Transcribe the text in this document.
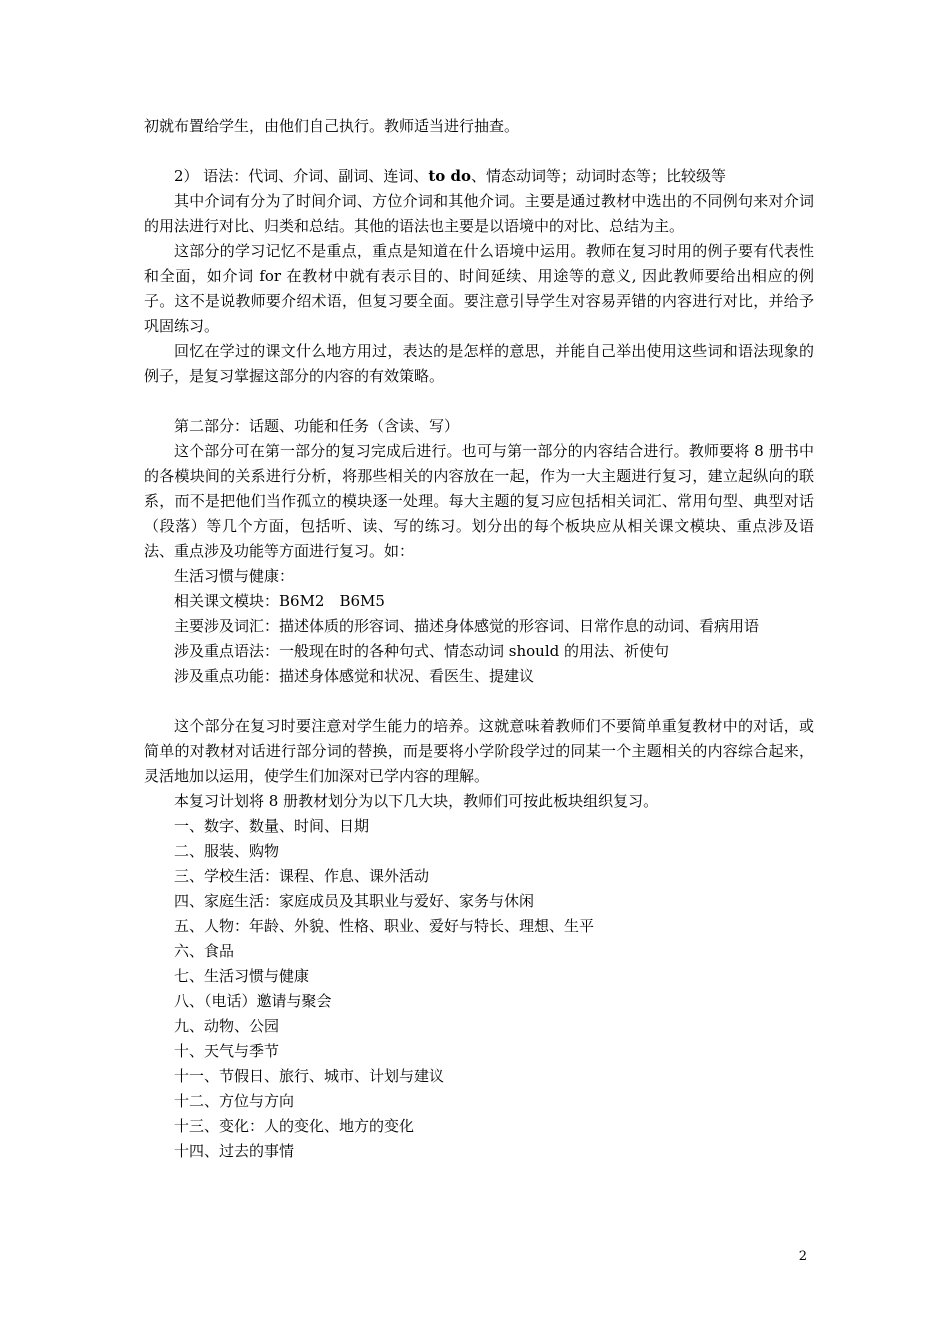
初就布置给学生，由他们自己执行。教师适当进行抽查。

2） 语法：代词、介词、副词、连词、to do、情态动词等；动词时态等；比较级等

其中介词有分为了时间介词、方位介词和其他介词。主要是通过教材中选出的不同例句来对介词的用法进行对比、归类和总结。其他的语法也主要是以语境中的对比、总结为主。

这部分的学习记忆不是重点，重点是知道在什么语境中运用。教师在复习时用的例子要有代表性和全面，如介词 for 在教材中就有表示目的、时间延续、用途等的意义, 因此教师要给出相应的例子。这不是说教师要介绍术语，但复习要全面。要注意引导学生对容易弄错的内容进行对比，并给予巩固练习。

回忆在学过的课文什么地方用过，表达的是怎样的意思，并能自己举出使用这些词和语法现象的例子，是复习掌握这部分的内容的有效策略。

第二部分：话题、功能和任务（含读、写）

这个部分可在第一部分的复习完成后进行。也可与第一部分的内容结合进行。教师要将 8 册书中的各模块间的关系进行分析，将那些相关的内容放在一起，作为一大主题进行复习，建立起纵向的联系，而不是把他们当作孤立的模块逐一处理。每大主题的复习应包括相关词汇、常用句型、典型对话（段落）等几个方面，包括听、读、写的练习。划分出的每个板块应从相关课文模块、重点涉及语法、重点涉及功能等方面进行复习。如：

生活习惯与健康：

相关课文模块：B6M2　B6M5

主要涉及词汇：描述体质的形容词、描述身体感觉的形容词、日常作息的动词、看病用语

涉及重点语法：一般现在时的各种句式、情态动词 should 的用法、祈使句

涉及重点功能：描述身体感觉和状况、看医生、提建议

这个部分在复习时要注意对学生能力的培养。这就意味着教师们不要简单重复教材中的对话，或简单的对教材对话进行部分词的替换，而是要将小学阶段学过的同某一个主题相关的内容综合起来，灵活地加以运用，使学生们加深对已学内容的理解。

本复习计划将 8 册教材划分为以下几大块，教师们可按此板块组织复习。

一、数字、数量、时间、日期

二、服装、购物

三、学校生活：课程、作息、课外活动

四、家庭生活：家庭成员及其职业与爱好、家务与休闲

五、人物：年龄、外貌、性格、职业、爱好与特长、理想、生平

六、食品

七、生活习惯与健康

八、（电话）邀请与聚会

九、动物、公园

十、天气与季节

十一、节假日、旅行、城市、计划与建议

十二、方位与方向

十三、变化：人的变化、地方的变化

十四、过去的事情

2
